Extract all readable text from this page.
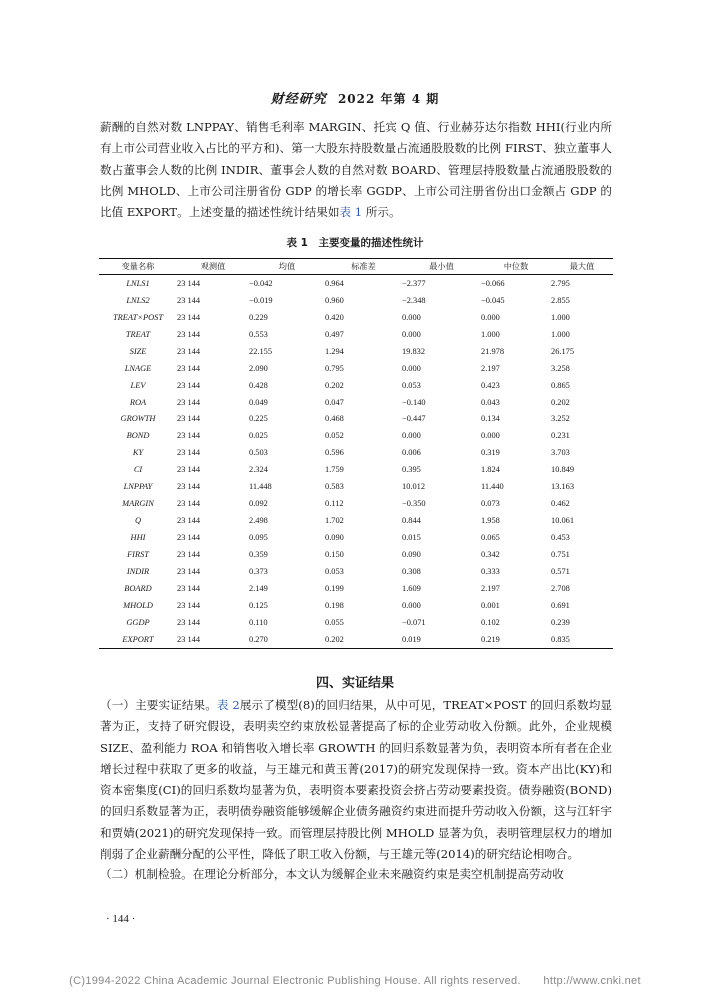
财经研究 2022 年第 4 期
薪酬的自然对数 LNPPAY、销售毛利率 MARGIN、托宾 Q 值、行业赫芬达尔指数 HHI(行业内所有上市公司营业收入占比的平方和)、第一大股东持股数量占流通股股数的比例 FIRST、独立董事人数占董事会人数的比例 INDIR、董事会人数的自然对数 BOARD、管理层持股数量占流通股股数的比例 MHOLD、上市公司注册省份 GDP 的增长率 GGDP、上市公司注册省份出口金额占 GDP 的比值 EXPORT。上述变量的描述性统计结果如表 1 所示。
表 1　主要变量的描述性统计
变量名称	观测值	均值	标准差	最小值	中位数	最大值
LNLS1	23 144	−0.042	0.964	−2.377	−0.066	2.795
LNLS2	23 144	−0.019	0.960	−2.348	−0.045	2.855
TREAT×POST	23 144	0.229	0.420	0.000	0.000	1.000
TREAT	23 144	0.553	0.497	0.000	1.000	1.000
SIZE	23 144	22.155	1.294	19.832	21.978	26.175
LNAGE	23 144	2.090	0.795	0.000	2.197	3.258
LEV	23 144	0.428	0.202	0.053	0.423	0.865
ROA	23 144	0.049	0.047	−0.140	0.043	0.202
GROWTH	23 144	0.225	0.468	−0.447	0.134	3.252
BOND	23 144	0.025	0.052	0.000	0.000	0.231
KY	23 144	0.503	0.596	0.006	0.319	3.703
CI	23 144	2.324	1.759	0.395	1.824	10.849
LNPPAY	23 144	11.448	0.583	10.012	11.440	13.163
MARGIN	23 144	0.092	0.112	−0.350	0.073	0.462
Q	23 144	2.498	1.702	0.844	1.958	10.061
HHI	23 144	0.095	0.090	0.015	0.065	0.453
FIRST	23 144	0.359	0.150	0.090	0.342	0.751
INDIR	23 144	0.373	0.053	0.308	0.333	0.571
BOARD	23 144	2.149	0.199	1.609	2.197	2.708
MHOLD	23 144	0.125	0.198	0.000	0.001	0.691
GGDP	23 144	0.110	0.055	−0.071	0.102	0.239
EXPORT	23 144	0.270	0.202	0.019	0.219	0.835
四、实证结果
（一）主要实证结果。表 2展示了模型(8)的回归结果，从中可见，TREAT×POST 的回归系数均显著为正，支持了研究假设，表明卖空约束放松显著提高了标的企业劳动收入份额。此外，企业规模 SIZE、盈利能力 ROA 和销售收入增长率 GROWTH 的回归系数显著为负，表明资本所有者在企业增长过程中获取了更多的收益，与王雄元和黄玉菁(2017)的研究发现保持一致。资本产出比(KY)和资本密集度(CI)的回归系数均显著为负，表明资本要素投资会挤占劳动要素投资。债券融资(BOND)的回归系数显著为正，表明债券融资能够缓解企业债务融资约束进而提升劳动收入份额，这与江轩宇和贾婧(2021)的研究发现保持一致。而管理层持股比例 MHOLD 显著为负，表明管理层权力的增加削弱了企业薪酬分配的公平性，降低了职工收入份额，与王雄元等(2014)的研究结论相吻合。
（二）机制检验。在理论分析部分，本文认为缓解企业未来融资约束是卖空机制提高劳动收
· 144 ·
(C)1994-2022 China Academic Journal Electronic Publishing House. All rights reserved.　　http://www.cnki.net
